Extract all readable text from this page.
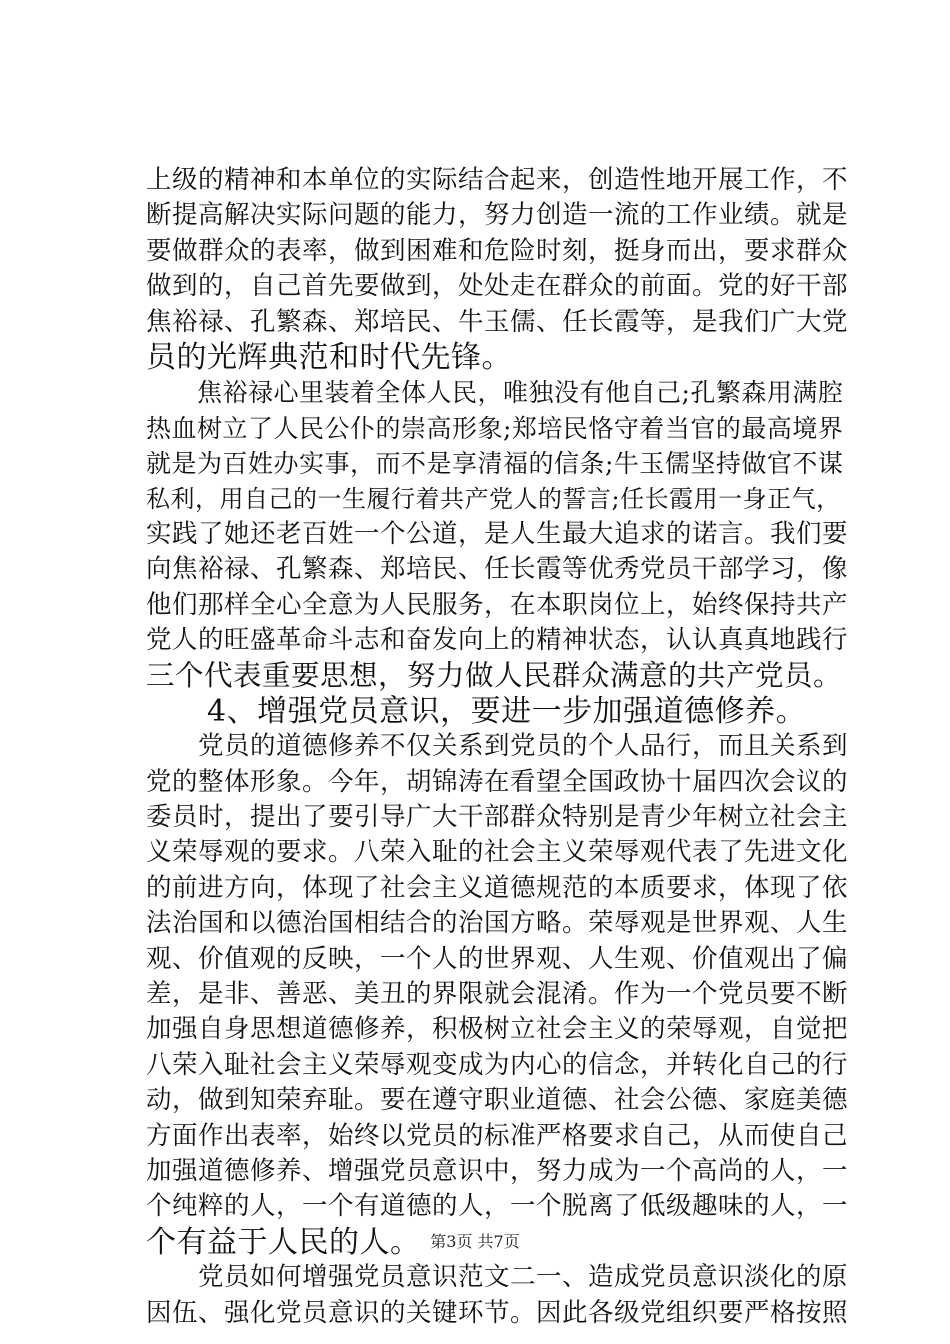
上级的精神和本单位的实际结合起来，创造性地开展工作，不
断提高解决实际问题的能力，努力创造一流的工作业绩。就是
要做群众的表率，做到困难和危险时刻，挺身而出，要求群众
做到的，自己首先要做到，处处走在群众的前面。党的好干部
焦裕禄、孔繁森、郑培民、牛玉儒、任长霞等，是我们广大党
员的光辉典范和时代先锋。
　　焦裕禄心里装着全体人民，唯独没有他自己;孔繁森用满腔
热血树立了人民公仆的崇高形象;郑培民恪守着当官的最高境界
就是为百姓办实事，而不是享清福的信条;牛玉儒坚持做官不谋
私利，用自己的一生履行着共产党人的誓言;任长霞用一身正气，
实践了她还老百姓一个公道，是人生最大追求的诺言。我们要
向焦裕禄、孔繁森、郑培民、任长霞等优秀党员干部学习，像
他们那样全心全意为人民服务，在本职岗位上，始终保持共产
党人的旺盛革命斗志和奋发向上的精神状态，认认真真地践行
三个代表重要思想，努力做人民群众满意的共产党员。
　　4、增强党员意识，要进一步加强道德修养。
　　党员的道德修养不仅关系到党员的个人品行，而且关系到
党的整体形象。今年，胡锦涛在看望全国政协十届四次会议的
委员时，提出了要引导广大干部群众特别是青少年树立社会主
义荣辱观的要求。八荣入耻的社会主义荣辱观代表了先进文化
的前进方向，体现了社会主义道德规范的本质要求，体现了依
法治国和以德治国相结合的治国方略。荣辱观是世界观、人生
观、价值观的反映，一个人的世界观、人生观、价值观出了偏
差，是非、善恶、美丑的界限就会混淆。作为一个党员要不断
加强自身思想道德修养，积极树立社会主义的荣辱观，自觉把
八荣入耻社会主义荣辱观变成为内心的信念，并转化自己的行
动，做到知荣弃耻。要在遵守职业道德、社会公德、家庭美德
方面作出表率，始终以党员的标准严格要求自己，从而使自己
加强道德修养、增强党员意识中，努力成为一个高尚的人，一
个纯粹的人，一个有道德的人，一个脱离了低级趣味的人，一
个有益于人民的人。
　　党员如何增强党员意识范文二一、造成党员意识淡化的原
因伍、强化党员意识的关键环节。因此各级党组织要严格按照
第3页 共7页
